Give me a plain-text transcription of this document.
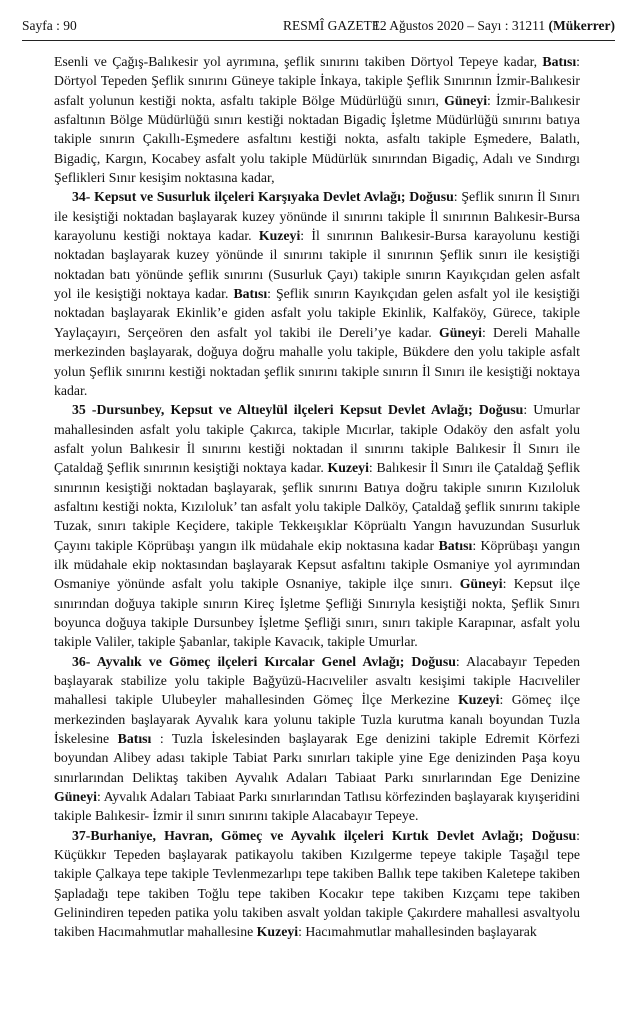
Sayfa : 90	RESMÎ GAZETE
12 Ağustos 2020 – Sayı : 31211 (Mükerrer)

Esenli ve Çağış-Balıkesir yol ayrımına, şeflik sınırını takiben Dörtyol Tepeye kadar, Batısı: Dörtyol Tepeden Şeflik sınırını Güneye takiple İnkaya, takiple Şeflik Sınırının İzmir-Balıkesir asfalt yolunun kestiği nokta, asfaltı takiple Bölge Müdürlüğü sınırı, Güneyi: İzmir-Balıkesir asfaltının Bölge Müdürlüğü sınırı kestiği noktadan Bigadiç İşletme Müdürlüğü sınırını batıya takiple sınırın Çakıllı-Eşmedere asfaltını kestiği nokta, asfaltı takiple Eşmedere, Balatlı, Bigadiç, Kargın, Kocabey asfalt yolu takiple Müdürlük sınırından Bigadiç, Adalı ve Sındırgı Şeflikleri Sınır kesişim noktasına kadar,

34- Kepsut ve Susurluk ilçeleri Karşıyaka Devlet Avlağı; Doğusu: Şeflik sınırın İl Sınırı ile kesiştiği noktadan başlayarak kuzey yönünde il sınırını takiple İl sınırının Balıkesir-Bursa karayolunu kestiği noktaya kadar. Kuzeyi: İl sınırının Balıkesir-Bursa karayolunu kestiği noktadan başlayarak kuzey yönünde il sınırını takiple il sınırının Şeflik sınırı ile kesiştiği noktadan batı yönünde şeflik sınırını (Susurluk Çayı) takiple sınırın Kayıkçıdan gelen asfalt yol ile kesiştiği noktaya kadar. Batısı: Şeflik sınırın Kayıkçıdan gelen asfalt yol ile kesiştiği noktadan başlayarak Ekinlik’e giden asfalt yolu takiple Ekinlik, Kalfaköy, Gürece, takiple Yaylaçayırı, Serçeören den asfalt yol takibi ile Dereli’ye kadar. Güneyi: Dereli Mahalle merkezinden başlayarak, doğuya doğru mahalle yolu takiple, Bükdere den yolu takiple asfalt yolun Şeflik sınırını kestiği noktadan şeflik sınırını takiple sınırın İl Sınırı ile kesiştiği noktaya kadar.

35 -Dursunbey, Kepsut ve Altıeylül ilçeleri Kepsut Devlet Avlağı; Doğusu: Umurlar mahallesinden asfalt yolu takiple Çakırca, takiple Mıcırlar, takiple Odaköy den asfalt yolu asfalt yolun Balıkesir İl sınırını kestiği noktadan il sınırını takiple Balıkesir İl Sınırı ile Çataldağ Şeflik sınırının kesiştiği noktaya kadar. Kuzeyi: Balıkesir İl Sınırı ile Çataldağ Şeflik sınırının kesiştiği noktadan başlayarak, şeflik sınırını Batıya doğru takiple sınırın Kızıloluk asfaltını kestiği nokta, Kızıloluk’ tan asfalt yolu takiple Dalköy, Çataldağ şeflik sınırını takiple Tuzak, sınırı takiple Keçidere, takiple Tekkeışıklar Köprüaltı Yangın havuzundan Susurluk Çayını takiple Köprübaşı yangın ilk müdahale ekip noktasına kadar Batısı: Köprübaşı yangın ilk müdahale ekip noktasından başlayarak Kepsut asfaltını takiple Osmaniye yol ayrımından Osmaniye yönünde asfalt yolu takiple Osnaniye, takiple ilçe sınırı. Güneyi: Kepsut ilçe sınırından doğuya takiple sınırın Kireç İşletme Şefliği Sınırıyla kesiştiği nokta, Şeflik Sınırı boyunca doğuya takiple Dursunbey İşletme Şefliği sınırı, sınırı takiple Karapınar, asfalt yolu takiple Valiler, takiple Şabanlar, takiple Kavacık, takiple Umurlar.

36- Ayvalık ve Gömeç ilçeleri Kırcalar Genel Avlağı; Doğusu: Alacabayır Tepeden başlayarak stabilize yolu takiple Bağyüzü-Hacıveliler asvaltı kesişimi takiple Hacıveliler mahallesi takiple Ulubeyler mahallesinden Gömeç İlçe Merkezine Kuzeyi: Gömeç ilçe merkezinden başlayarak Ayvalık kara yolunu takiple Tuzla kurutma kanalı boyundan Tuzla İskelesine Batısı : Tuzla İskelesinden başlayarak Ege denizini takiple Edremit Körfezi boyundan Alibey adası takiple Tabiat Parkı sınırları takiple yine Ege denizinden Paşa koyu sınırlarından Deliktaş takiben Ayvalık Adaları Tabiaat Parkı sınırlarından Ege Denizine Güneyi: Ayvalık Adaları Tabiaat Parkı sınırlarından Tatlısu körfezinden başlayarak kıyışeridini takiple Balıkesir- İzmir il sınırı sınırını takiple Alacabayır Tepeye.

37-Burhaniye, Havran, Gömeç ve Ayvalık ilçeleri Kırtık Devlet Avlağı; Doğusu: Küçükkır Tepeden başlayarak patikayolu takiben Kızılgerme tepeye takiple Taşağıl tepe takiple Çalkaya tepe takiple Tevlenmezarlıpı tepe takiben Ballık tepe takiben Kaletepe takiben Şapladağı tepe takiben Toğlu tepe takiben Kocakır tepe takiben Kızçamı tepe takiben Gelinindiren tepeden patika yolu takiben asvalt yoldan takiple Çakırdere mahallesi asvaltyolu takiben Hacımahmutlar mahallesine Kuzeyi: Hacımahmutlar mahallesinden başlayarak
